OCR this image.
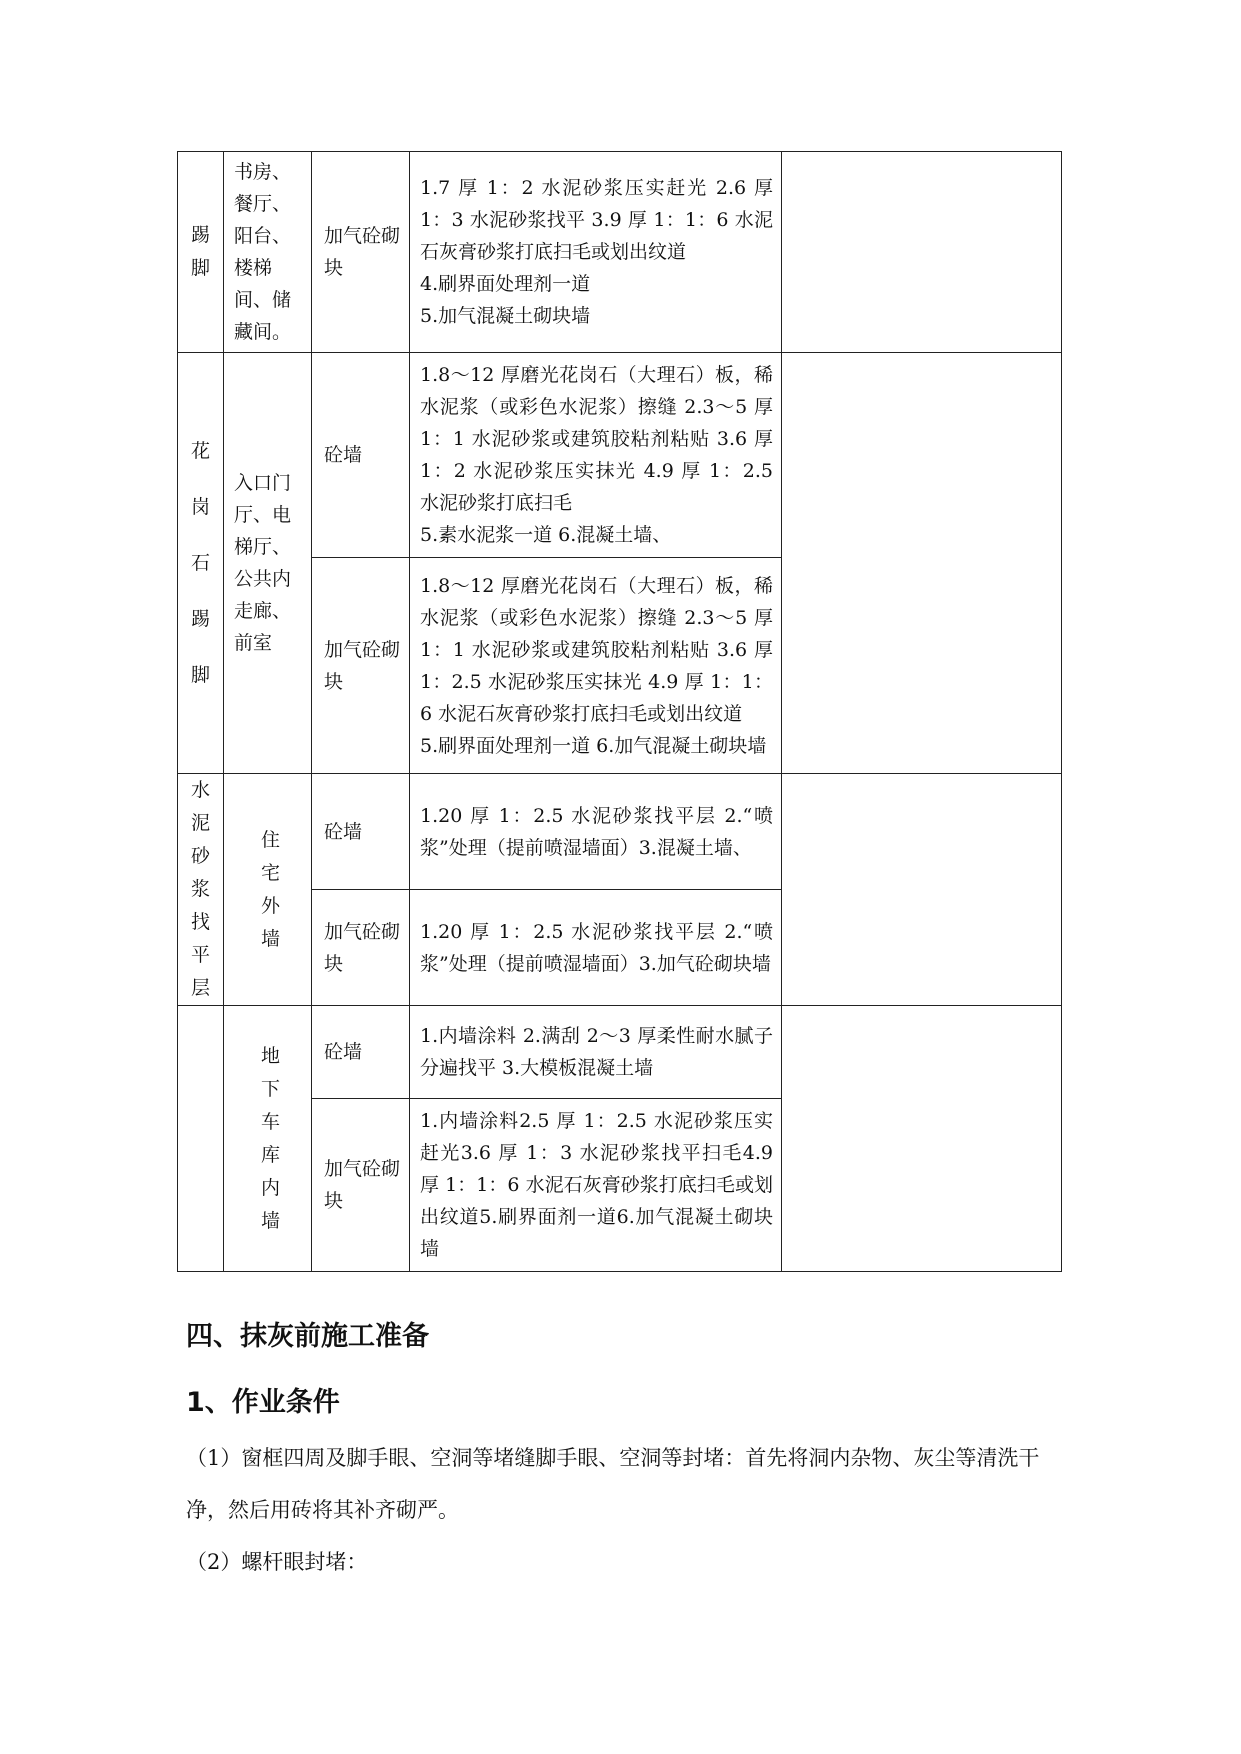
踢脚	书房、餐厅、阳台、楼梯间、储藏间。	加气砼砌块	1.7 厚 1：2 水泥砂浆压实赶光 2.6 厚 1：3 水泥砂浆找平 3.9 厚 1：1：6 水泥石灰膏砂浆打底扫毛或划出纹道
4.刷界面处理剂一道
5.加气混凝土砌块墙	

花岗石踢脚	入口门厅、电梯厅、公共内走廊、前室	砼墙	1.8～12 厚磨光花岗石（大理石）板，稀水泥浆（或彩色水泥浆）擦缝 2.3～5 厚 1：1 水泥砂浆或建筑胶粘剂粘贴 3.6 厚 1：2 水泥砂浆压实抹光 4.9 厚 1：2.5 水泥砂浆打底扫毛
5.素水泥浆一道 6.混凝土墙、	

		加气砼砌块	1.8～12 厚磨光花岗石（大理石）板，稀水泥浆（或彩色水泥浆）擦缝 2.3～5 厚 1：1 水泥砂浆或建筑胶粘剂粘贴 3.6 厚 1：2.5 水泥砂浆压实抹光 4.9 厚 1：1：6 水泥石灰膏砂浆打底扫毛或划出纹道
5.刷界面处理剂一道 6.加气混凝土砌块墙	

水泥砂浆找平层	住宅外墙	砼墙	1.20 厚 1：2.5 水泥砂浆找平层 2.“喷浆”处理（提前喷湿墙面）3.混凝土墙、	

		加气砼砌块	1.20 厚 1：2.5 水泥砂浆找平层 2.“喷浆”处理（提前喷湿墙面）3.加气砼砌块墙	

	地下车库内墙	砼墙	1.内墙涂料 2.满刮 2～3 厚柔性耐水腻子分遍找平 3.大模板混凝土墙	

		加气砼砌块	1.内墙涂料2.5 厚 1：2.5 水泥砂浆压实赶光3.6 厚 1：3 水泥砂浆找平扫毛4.9 厚 1：1：6 水泥石灰膏砂浆打底扫毛或划出纹道5.刷界面剂一道6.加气混凝土砌块墙	
四、抹灰前施工准备
1、作业条件

（1）窗框四周及脚手眼、空洞等堵缝脚手眼、空洞等封堵：首先将洞内杂物、灰尘等清洗干净，然后用砖将其补齐砌严。

（2）螺杆眼封堵：
